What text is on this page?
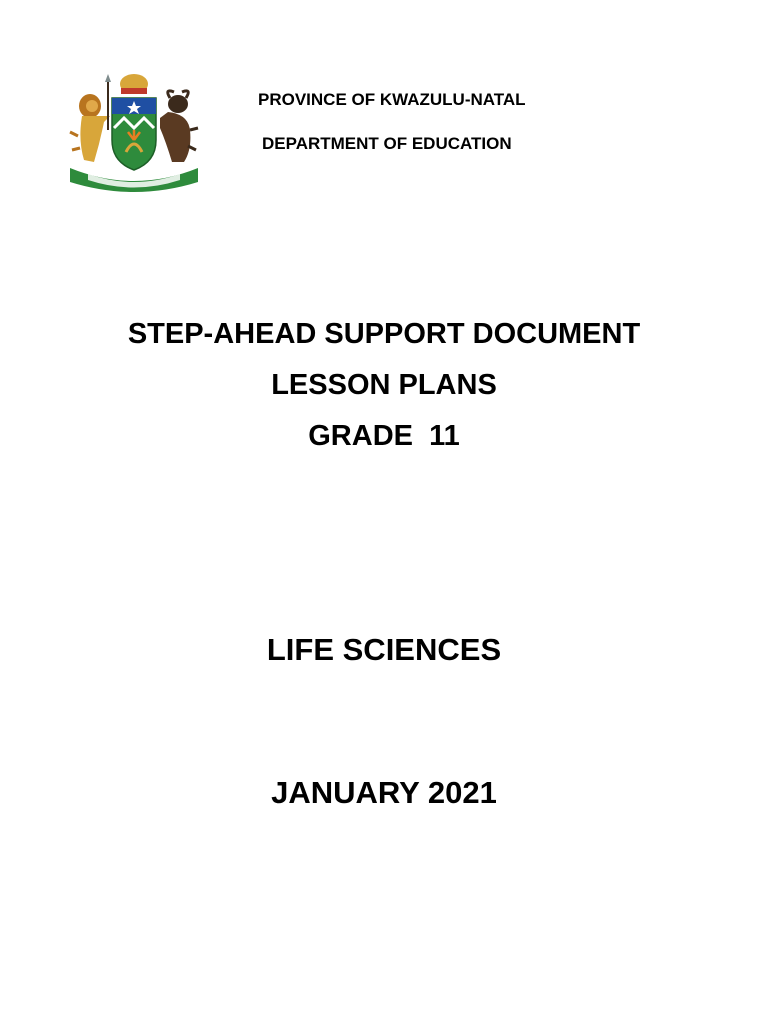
PROVINCE OF KWAZULU-NATAL
DEPARTMENT OF EDUCATION
STEP-AHEAD SUPPORT DOCUMENT
LESSON PLANS
GRADE  11
LIFE SCIENCES
JANUARY 2021
